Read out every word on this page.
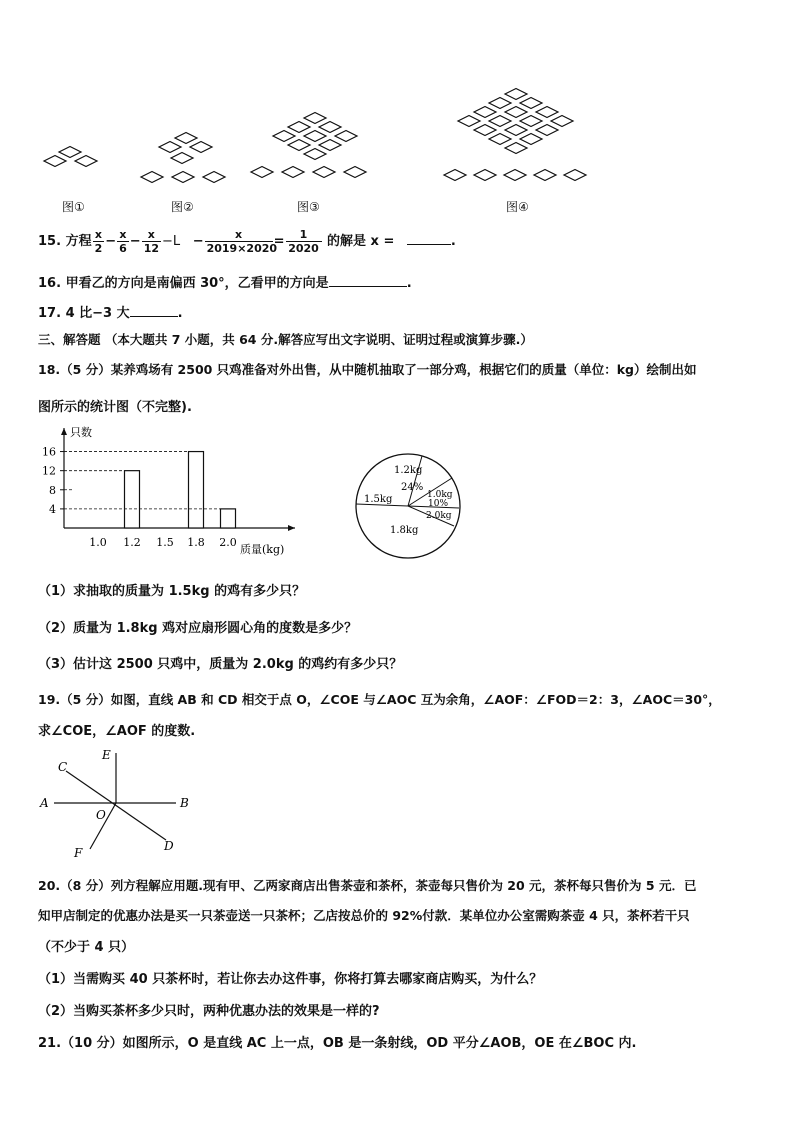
图①	图②	图③	图④
15. 方程 $\frac{x}{2} - \frac{x}{6} - \frac{x}{12} -L - \frac{x}{2019\times 2020} = \frac{1}{2020}$ 的解是 x =	.
16. 甲看乙的方向是南偏西 30°，乙看甲的方向是	.
17. 4 比−3 大	.
三、解答题 （本大题共 7 小题，共 64 分.解答应写出文字说明、证明过程或演算步骤.）
18.（5 分）某养鸡场有 2500 只鸡准备对外出售，从中随机抽取了一部分鸡，根据它们的质量（单位：kg）绘制出如
图所示的统计图（不完整).
只数
质量(kg)
4
8
12
16
1.0 1.2 1.5 1.8 2.0
1.2kg
24%
1.5kg
1.8kg
1.0kg
10%
2.0kg
（1）求抽取的质量为 1.5kg 的鸡有多少只？
（2）质量为 1.8kg 鸡对应扇形圆心角的度数是多少？
（3）估计这 2500 只鸡中，质量为 2.0kg 的鸡约有多少只？
19.（5 分）如图，直线 AB 和 CD 相交于点 O，∠COE 与∠AOC 互为余角，∠AOF：∠FOD＝2：3，∠AOC＝30°，
求∠COE，∠AOF 的度数.
E
C
A
O
B
F	D
20.（8 分）列方程解应用题.现有甲、乙两家商店出售茶壶和茶杯，茶壶每只售价为 20 元，茶杯每只售价为 5 元．已
知甲店制定的优惠办法是买一只茶壶送一只茶杯；乙店按总价的 92%付款．某单位办公室需购茶壶 4 只，茶杯若干只
（不少于 4 只）
（1）当需购买 40 只茶杯时，若让你去办这件事，你将打算去哪家商店购买，为什么？
（2）当购买茶杯多少只时，两种优惠办法的效果是一样的?
21.（10 分）如图所示，O 是直线 AC 上一点，OB 是一条射线，OD 平分∠AOB，OE 在∠BOC 内.
